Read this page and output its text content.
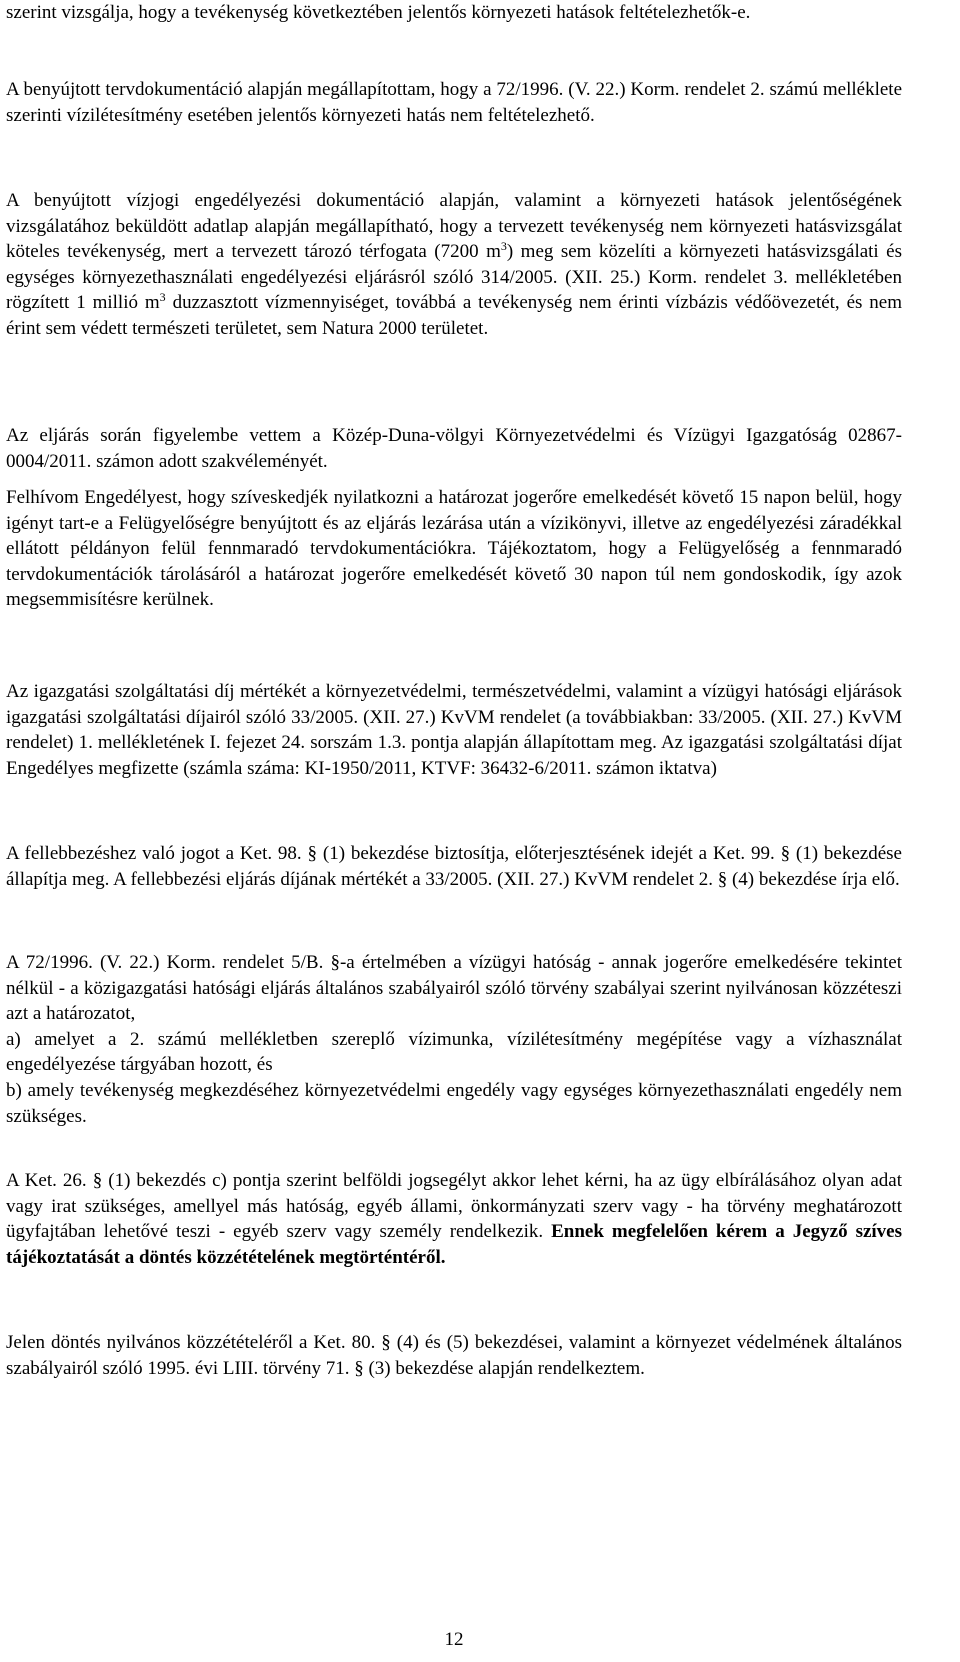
szerint vizsgálja, hogy a tevékenység következtében jelentős környezeti hatások feltételezhetők-e.

A benyújtott tervdokumentáció alapján megállapítottam, hogy a 72/1996. (V. 22.) Korm. rendelet 2. számú melléklete szerinti vízilétesítmény esetében jelentős környezeti hatás nem feltételezhető.

A benyújtott vízjogi engedélyezési dokumentáció alapján, valamint a környezeti hatások jelentőségének vizsgálatához beküldött adatlap alapján megállapítható, hogy a tervezett tevékenység nem környezeti hatásvizsgálat köteles tevékenység, mert a tervezett tározó térfogata (7200 $m^3$) meg sem közelíti a környezeti hatásvizsgálati és egységes környezethasználati engedélyezési eljárásról szóló 314/2005. (XII. 25.) Korm. rendelet 3. mellékletében rögzített 1 millió $m^3$ duzzasztott vízmennyiséget, továbbá a tevékenység nem érinti vízbázis védőövezetét, és nem érint sem védett természeti területet, sem Natura 2000 területet.

Az eljárás során figyelembe vettem a Közép-Duna-völgyi Környezetvédelmi és Vízügyi Igazgatóság 02867-0004/2011. számon adott szakvéleményét.

Felhívom Engedélyest, hogy szíveskedjék nyilatkozni a határozat jogerőre emelkedését követő 15 napon belül, hogy igényt tart-e a Felügyelőségre benyújtott és az eljárás lezárása után a vízikönyvi, illetve az engedélyezési záradékkal ellátott példányon felül fennmaradó tervdokumentációkra. Tájékoztatom, hogy a Felügyelőség a fennmaradó tervdokumentációk tárolásáról a határozat jogerőre emelkedését követő 30 napon túl nem gondoskodik, így azok megsemmisítésre kerülnek.

Az igazgatási szolgáltatási díj mértékét a környezetvédelmi, természetvédelmi, valamint a vízügyi hatósági eljárások igazgatási szolgáltatási díjairól szóló 33/2005. (XII. 27.) KvVM rendelet (a továbbiakban: 33/2005. (XII. 27.) KvVM rendelet) 1. mellékletének I. fejezet 24. sorszám 1.3. pontja alapján állapítottam meg. Az igazgatási szolgáltatási díjat Engedélyes megfizette (számla száma: KI-1950/2011, KTVF: 36432-6/2011. számon iktatva)

A fellebbezéshez való jogot a Ket. 98. § (1) bekezdése biztosítja, előterjesztésének idejét a Ket. 99. § (1) bekezdése állapítja meg. A fellebbezési eljárás díjának mértékét a 33/2005. (XII. 27.) KvVM rendelet 2. § (4) bekezdése írja elő.

A 72/1996. (V. 22.) Korm. rendelet 5/B. §-a értelmében a vízügyi hatóság - annak jogerőre emelkedésére tekintet nélkül - a közigazgatási hatósági eljárás általános szabályairól szóló törvény szabályai szerint nyilvánosan közzéteszi azt a határozatot,
a) amelyet a 2. számú mellékletben szereplő vízimunka, vízilétesítmény megépítése vagy a vízhasználat engedélyezése tárgyában hozott, és
b) amely tevékenység megkezdéséhez környezetvédelmi engedély vagy egységes környezethasználati engedély nem szükséges.

A Ket. 26. § (1) bekezdés c) pontja szerint belföldi jogsegélyt akkor lehet kérni, ha az ügy elbírálásához olyan adat vagy irat szükséges, amellyel más hatóság, egyéb állami, önkormányzati szerv vagy - ha törvény meghatározott ügyfajtában lehetővé teszi - egyéb szerv vagy személy rendelkezik. Ennek megfelelően kérem a Jegyző szíves tájékoztatását a döntés közzétételének megtörténtéről.

Jelen döntés nyilvános közzétételéről a Ket. 80. § (4) és (5) bekezdései, valamint a környezet védelmének általános szabályairól szóló 1995. évi LIII. törvény 71. § (3) bekezdése alapján rendelkeztem.

12
